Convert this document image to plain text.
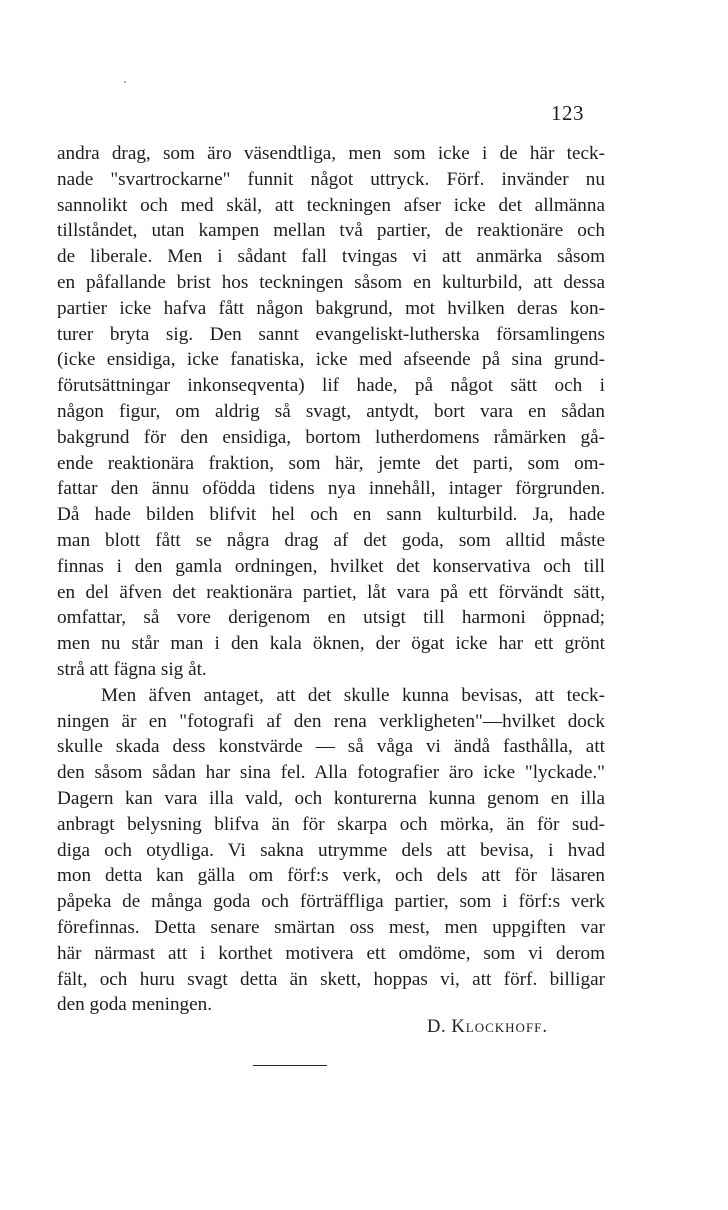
123
andra drag, som äro väsendtliga, men som icke i de här teck-
nade "svartrockarne" funnit något uttryck. Förf. invänder nu
sannolikt och med skäl, att teckningen afser icke det allmänna
tillståndet, utan kampen mellan två partier, de reaktionäre och
de liberale. Men i sådant fall tvingas vi att anmärka såsom
en påfallande brist hos teckningen såsom en kulturbild, att dessa
partier icke hafva fått någon bakgrund, mot hvilken deras kon-
turer bryta sig. Den sannt evangeliskt-lutherska församlingens
(icke ensidiga, icke fanatiska, icke med afseende på sina grund-
förutsättningar inkonseqventa) lif hade, på något sätt och i
någon figur, om aldrig så svagt, antydt, bort vara en sådan
bakgrund för den ensidiga, bortom lutherdomens råmärken gå-
ende reaktionära fraktion, som här, jemte det parti, som om-
fattar den ännu ofödda tidens nya innehåll, intager förgrunden.
Då hade bilden blifvit hel och en sann kulturbild. Ja, hade
man blott fått se några drag af det goda, som alltid måste
finnas i den gamla ordningen, hvilket det konservativa och till
en del äfven det reaktionära partiet, låt vara på ett förvändt sätt,
omfattar, så vore derigenom en utsigt till harmoni öppnad;
men nu står man i den kala öknen, der ögat icke har ett grönt
strå att fägna sig åt.
Men äfven antaget, att det skulle kunna bevisas, att teck-
ningen är en "fotografi af den rena verkligheten"—hvilket dock
skulle skada dess konstvärde — så våga vi ändå fasthålla, att
den såsom sådan har sina fel. Alla fotografier äro icke "lyckade."
Dagern kan vara illa vald, och konturerna kunna genom en illa
anbragt belysning blifva än för skarpa och mörka, än för sud-
diga och otydliga. Vi sakna utrymme dels att bevisa, i hvad
mon detta kan gälla om förf:s verk, och dels att för läsaren
påpeka de många goda och förträffliga partier, som i förf:s verk
förefinnas. Detta senare smärtan oss mest, men uppgiften var
här närmast att i korthet motivera ett omdöme, som vi derom
fält, och huru svagt detta än skett, hoppas vi, att förf. billigar
den goda meningen.
D. Klockhoff.
